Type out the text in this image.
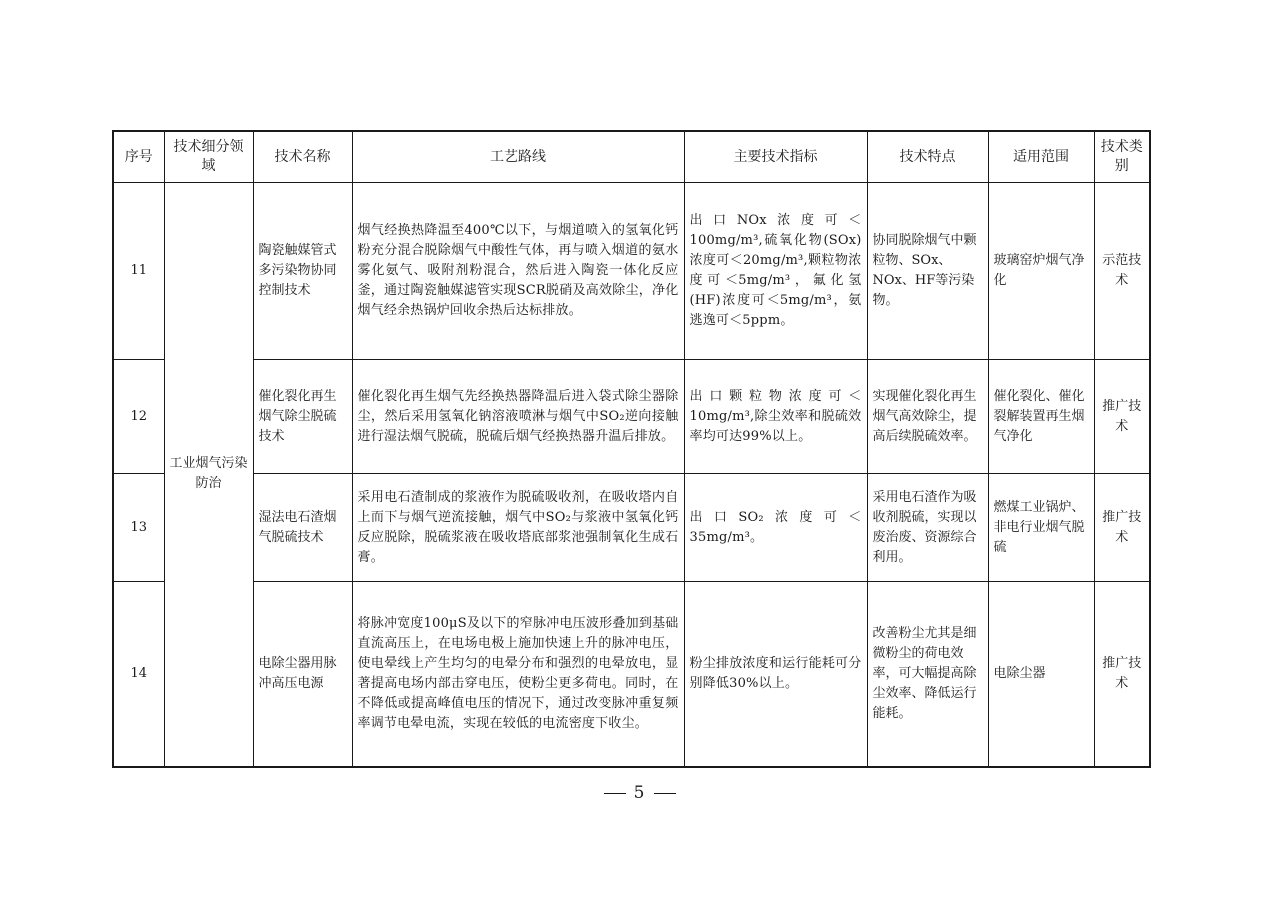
序号	技术细分领域	技术名称	工艺路线	主要技术指标	技术特点	适用范围	技术类别
11	工业烟气污染防治	陶瓷触媒管式多污染物协同控制技术	烟气经换热降温至400℃以下，与烟道喷入的氢氧化钙粉充分混合脱除烟气中酸性气体，再与喷入烟道的氨水雾化氨气、吸附剂粉混合，然后进入陶瓷一体化反应釜，通过陶瓷触媒滤管实现SCR脱硝及高效除尘，净化烟气经余热锅炉回收余热后达标排放。	出口NOx浓度可＜100mg/m³,硫氧化物(SOx)浓度可＜20mg/m³,颗粒物浓度可＜5mg/m³，氟化氢(HF)浓度可＜5mg/m³，氨逃逸可＜5ppm。	协同脱除烟气中颗粒物、SOx、NOx、HF等污染物。	玻璃窑炉烟气净化	示范技术
12		催化裂化再生烟气除尘脱硫技术	催化裂化再生烟气先经换热器降温后进入袋式除尘器除尘，然后采用氢氧化钠溶液喷淋与烟气中SO₂逆向接触进行湿法烟气脱硫，脱硫后烟气经换热器升温后排放。	出口颗粒物浓度可＜10mg/m³,除尘效率和脱硫效率均可达99%以上。	实现催化裂化再生烟气高效除尘，提高后续脱硫效率。	催化裂化、催化裂解装置再生烟气净化	推广技术
13		湿法电石渣烟气脱硫技术	采用电石渣制成的浆液作为脱硫吸收剂，在吸收塔内自上而下与烟气逆流接触，烟气中SO₂与浆液中氢氧化钙反应脱除，脱硫浆液在吸收塔底部浆池强制氧化生成石膏。	出口SO₂浓度可＜35mg/m³。	采用电石渣作为吸收剂脱硫，实现以废治废、资源综合利用。	燃煤工业锅炉、非电行业烟气脱硫	推广技术
14		电除尘器用脉冲高压电源	将脉冲宽度100μS及以下的窄脉冲电压波形叠加到基础直流高压上，在电场电极上施加快速上升的脉冲电压，使电晕线上产生均匀的电晕分布和强烈的电晕放电，显著提高电场内部击穿电压，使粉尘更多荷电。同时，在不降低或提高峰值电压的情况下，通过改变脉冲重复频率调节电晕电流，实现在较低的电流密度下收尘。	粉尘排放浓度和运行能耗可分别降低30%以上。	改善粉尘尤其是细微粉尘的荷电效率，可大幅提高除尘效率、降低运行能耗。	电除尘器	推广技术
5
